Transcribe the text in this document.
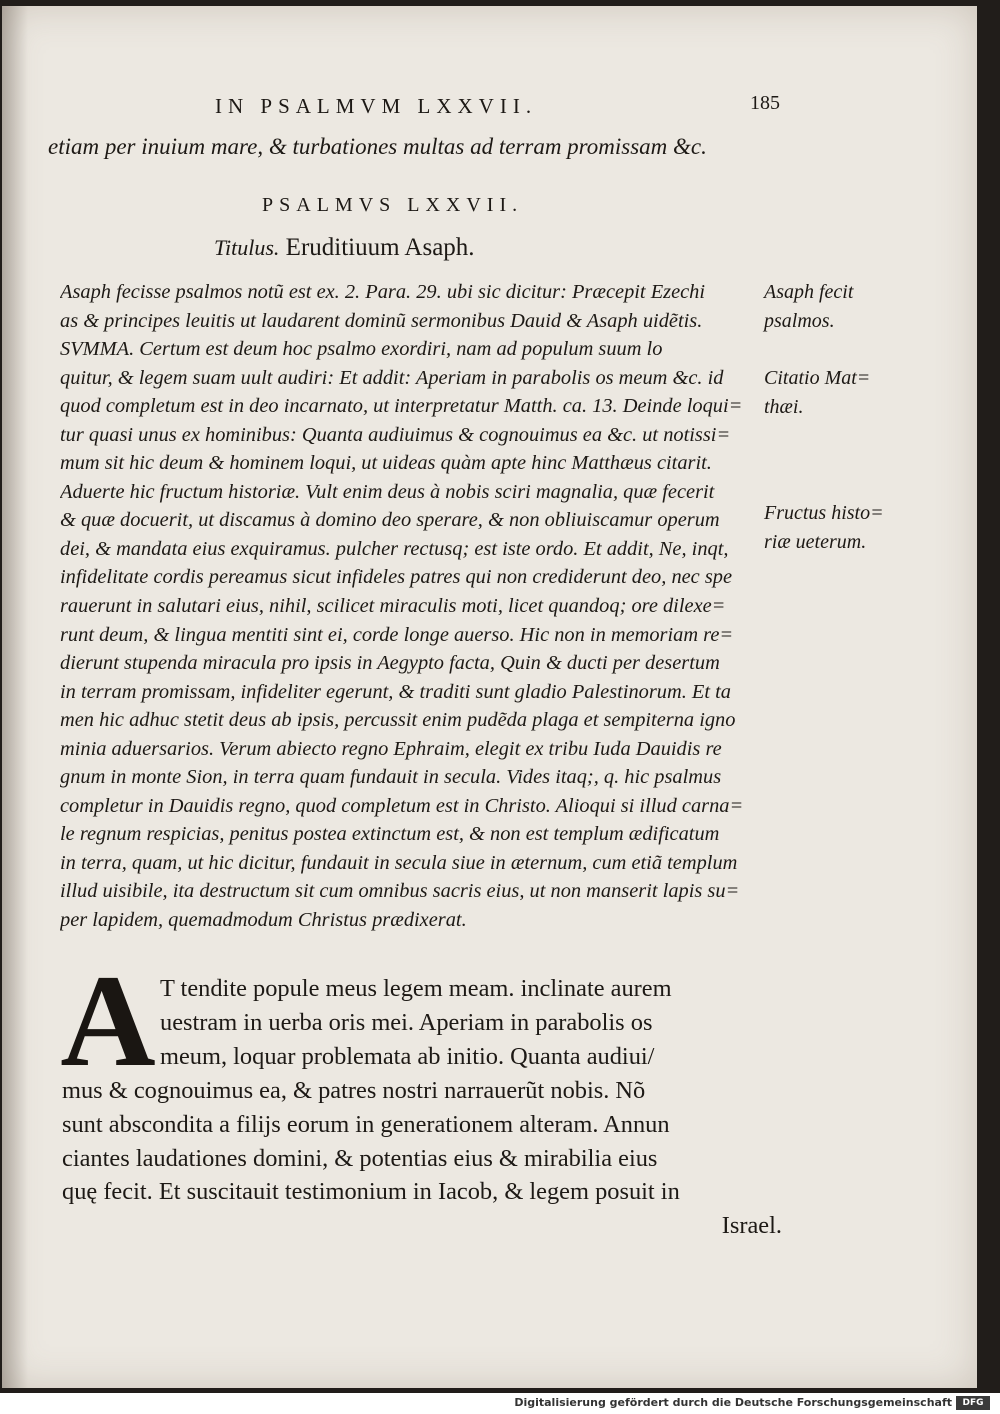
IN PSALMVM LXXVII.	185
etiam per inuium mare, & turbationes multas ad terram promissam &c.
PSALMVS LXXVII.
Titulus. Eruditiuum Asaph.
Asaph fecisse psalmos notũ est ex. 2. Para. 29. ubi sic dicitur: Præcepit Ezechi
as & principes leuitis ut laudarent dominũ sermonibus Dauid & Asaph uidẽtis.
SVMMA. Certum est deum hoc psalmo exordiri, nam ad populum suum lo
quitur, & legem suam uult audiri: Et addit: Aperiam in parabolis os meum &c. id
quod completum est in deo incarnato, ut interpretatur Matth. ca. 13. Deinde loqui=
tur quasi unus ex hominibus: Quanta audiuimus & cognouimus ea &c. ut notissi=
mum sit hic deum & hominem loqui, ut uideas quàm apte hinc Matthæus citarit.
Aduerte hic fructum historiæ. Vult enim deus à nobis sciri magnalia, quæ fecerit
& quæ docuerit, ut discamus à domino deo sperare, & non obliuiscamur operum
dei, & mandata eius exquiramus. pulcher rectusq; est iste ordo. Et addit, Ne, inqt,
infidelitate cordis pereamus sicut infideles patres qui non crediderunt deo, nec spe
rauerunt in salutari eius, nihil, scilicet miraculis moti, licet quandoq; ore dilexe=
runt deum, & lingua mentiti sint ei, corde longe auerso. Hic non in memoriam re=
dierunt stupenda miracula pro ipsis in Aegypto facta, Quin & ducti per desertum
in terram promissam, infideliter egerunt, & traditi sunt gladio Palestinorum. Et ta
men hic adhuc stetit deus ab ipsis, percussit enim pudẽda plaga et sempiterna igno
minia aduersarios. Verum abiecto regno Ephraim, elegit ex tribu Iuda Dauidis re
gnum in monte Sion, in terra quam fundauit in secula. Vides itaq;, q. hic psalmus
completur in Dauidis regno, quod completum est in Christo. Alioqui si illud carna=
le regnum respicias, penitus postea extinctum est, & non est templum ædificatum
in terra, quam, ut hic dicitur, fundauit in secula siue in æternum, cum etiã templum
illud uisibile, ita destructum sit cum omnibus sacris eius, ut non manserit lapis su=
per lapidem, quemadmodum Christus prædixerat.
Asaph fecit
psalmos.
Citatio Mat=
thæi.
Fructus histo=
riæ ueterum.
A T tendite popule meus legem meam. inclinate aurem
uestram in uerba oris mei. Aperiam in parabolis os
meum, loquar problemata ab initio. Quanta audiui/
mus & cognouimus ea, & patres nostri narrauerũt nobis. Nõ
sunt abscondita a filijs eorum in generationem alteram. Annun
ciantes laudationes domini, & potentias eius & mirabilia eius
quę fecit. Et suscitauit testimonium in Iacob, & legem posuit in
Israel.
Digitalisierung gefördert durch die Deutsche Forschungsgemeinschaft	DFG
